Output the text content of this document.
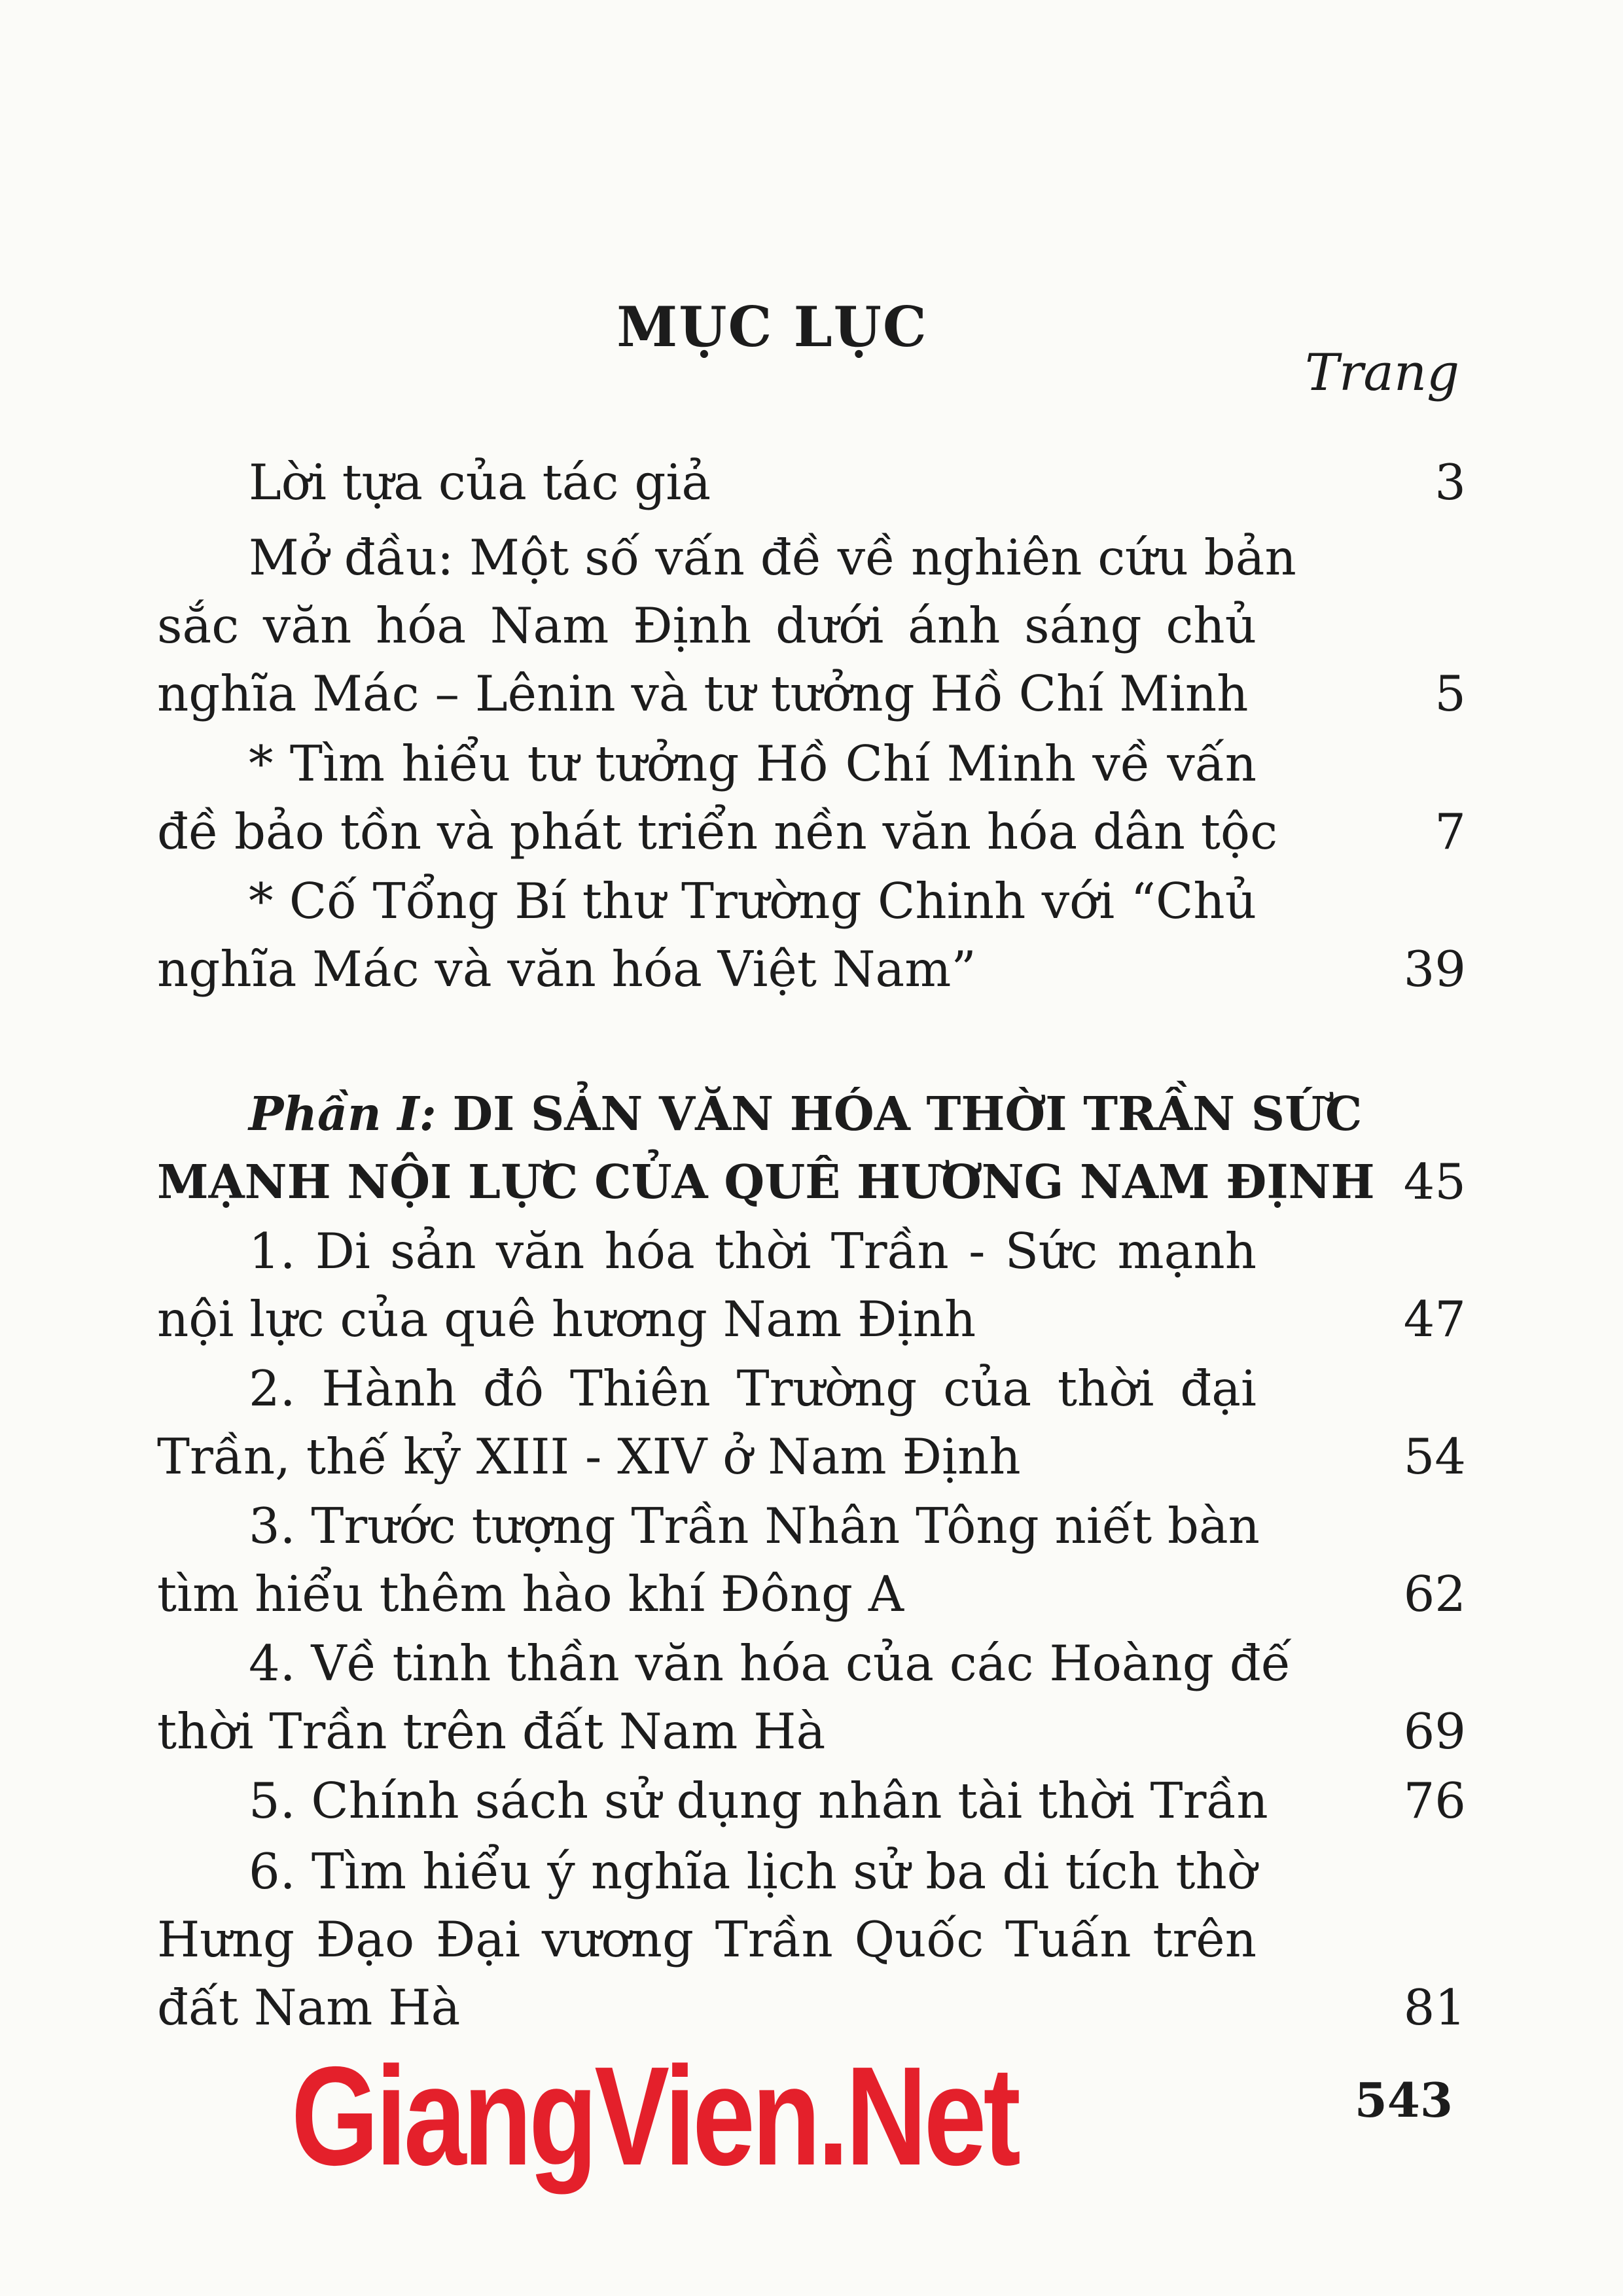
MỤC LỤC
Trang
Lời tựa của tác giả	3
Mở đầu: Một số vấn đề về nghiên cứu bản
sắc văn hóa Nam Định dưới ánh sáng chủ
nghĩa Mác – Lênin và tư tưởng Hồ Chí Minh	5
* Tìm hiểu tư tưởng Hồ Chí Minh về vấn
đề bảo tồn và phát triển nền văn hóa dân tộc	7
* Cố Tổng Bí thư Trường Chinh với “Chủ
nghĩa Mác và văn hóa Việt Nam”	39
Phần I: DI SẢN VĂN HÓA THỜI TRẦN SỨC
MẠNH NỘI LỰC CỦA QUÊ HƯƠNG NAM ĐỊNH 45
1. Di sản văn hóa thời Trần - Sức mạnh
nội lực của quê hương Nam Định	47
2. Hành đô Thiên Trường của thời đại
Trần, thế kỷ XIII - XIV ở Nam Định	54
3. Trước tượng Trần Nhân Tông niết bàn
tìm hiểu thêm hào khí Đông A	62
4. Về tinh thần văn hóa của các Hoàng đế
thời Trần trên đất Nam Hà	69
5. Chính sách sử dụng nhân tài thời Trần	76
6. Tìm hiểu ý nghĩa lịch sử ba di tích thờ
Hưng Đạo Đại vương Trần Quốc Tuấn trên
đất Nam Hà	81
GiangVien.Net	543
